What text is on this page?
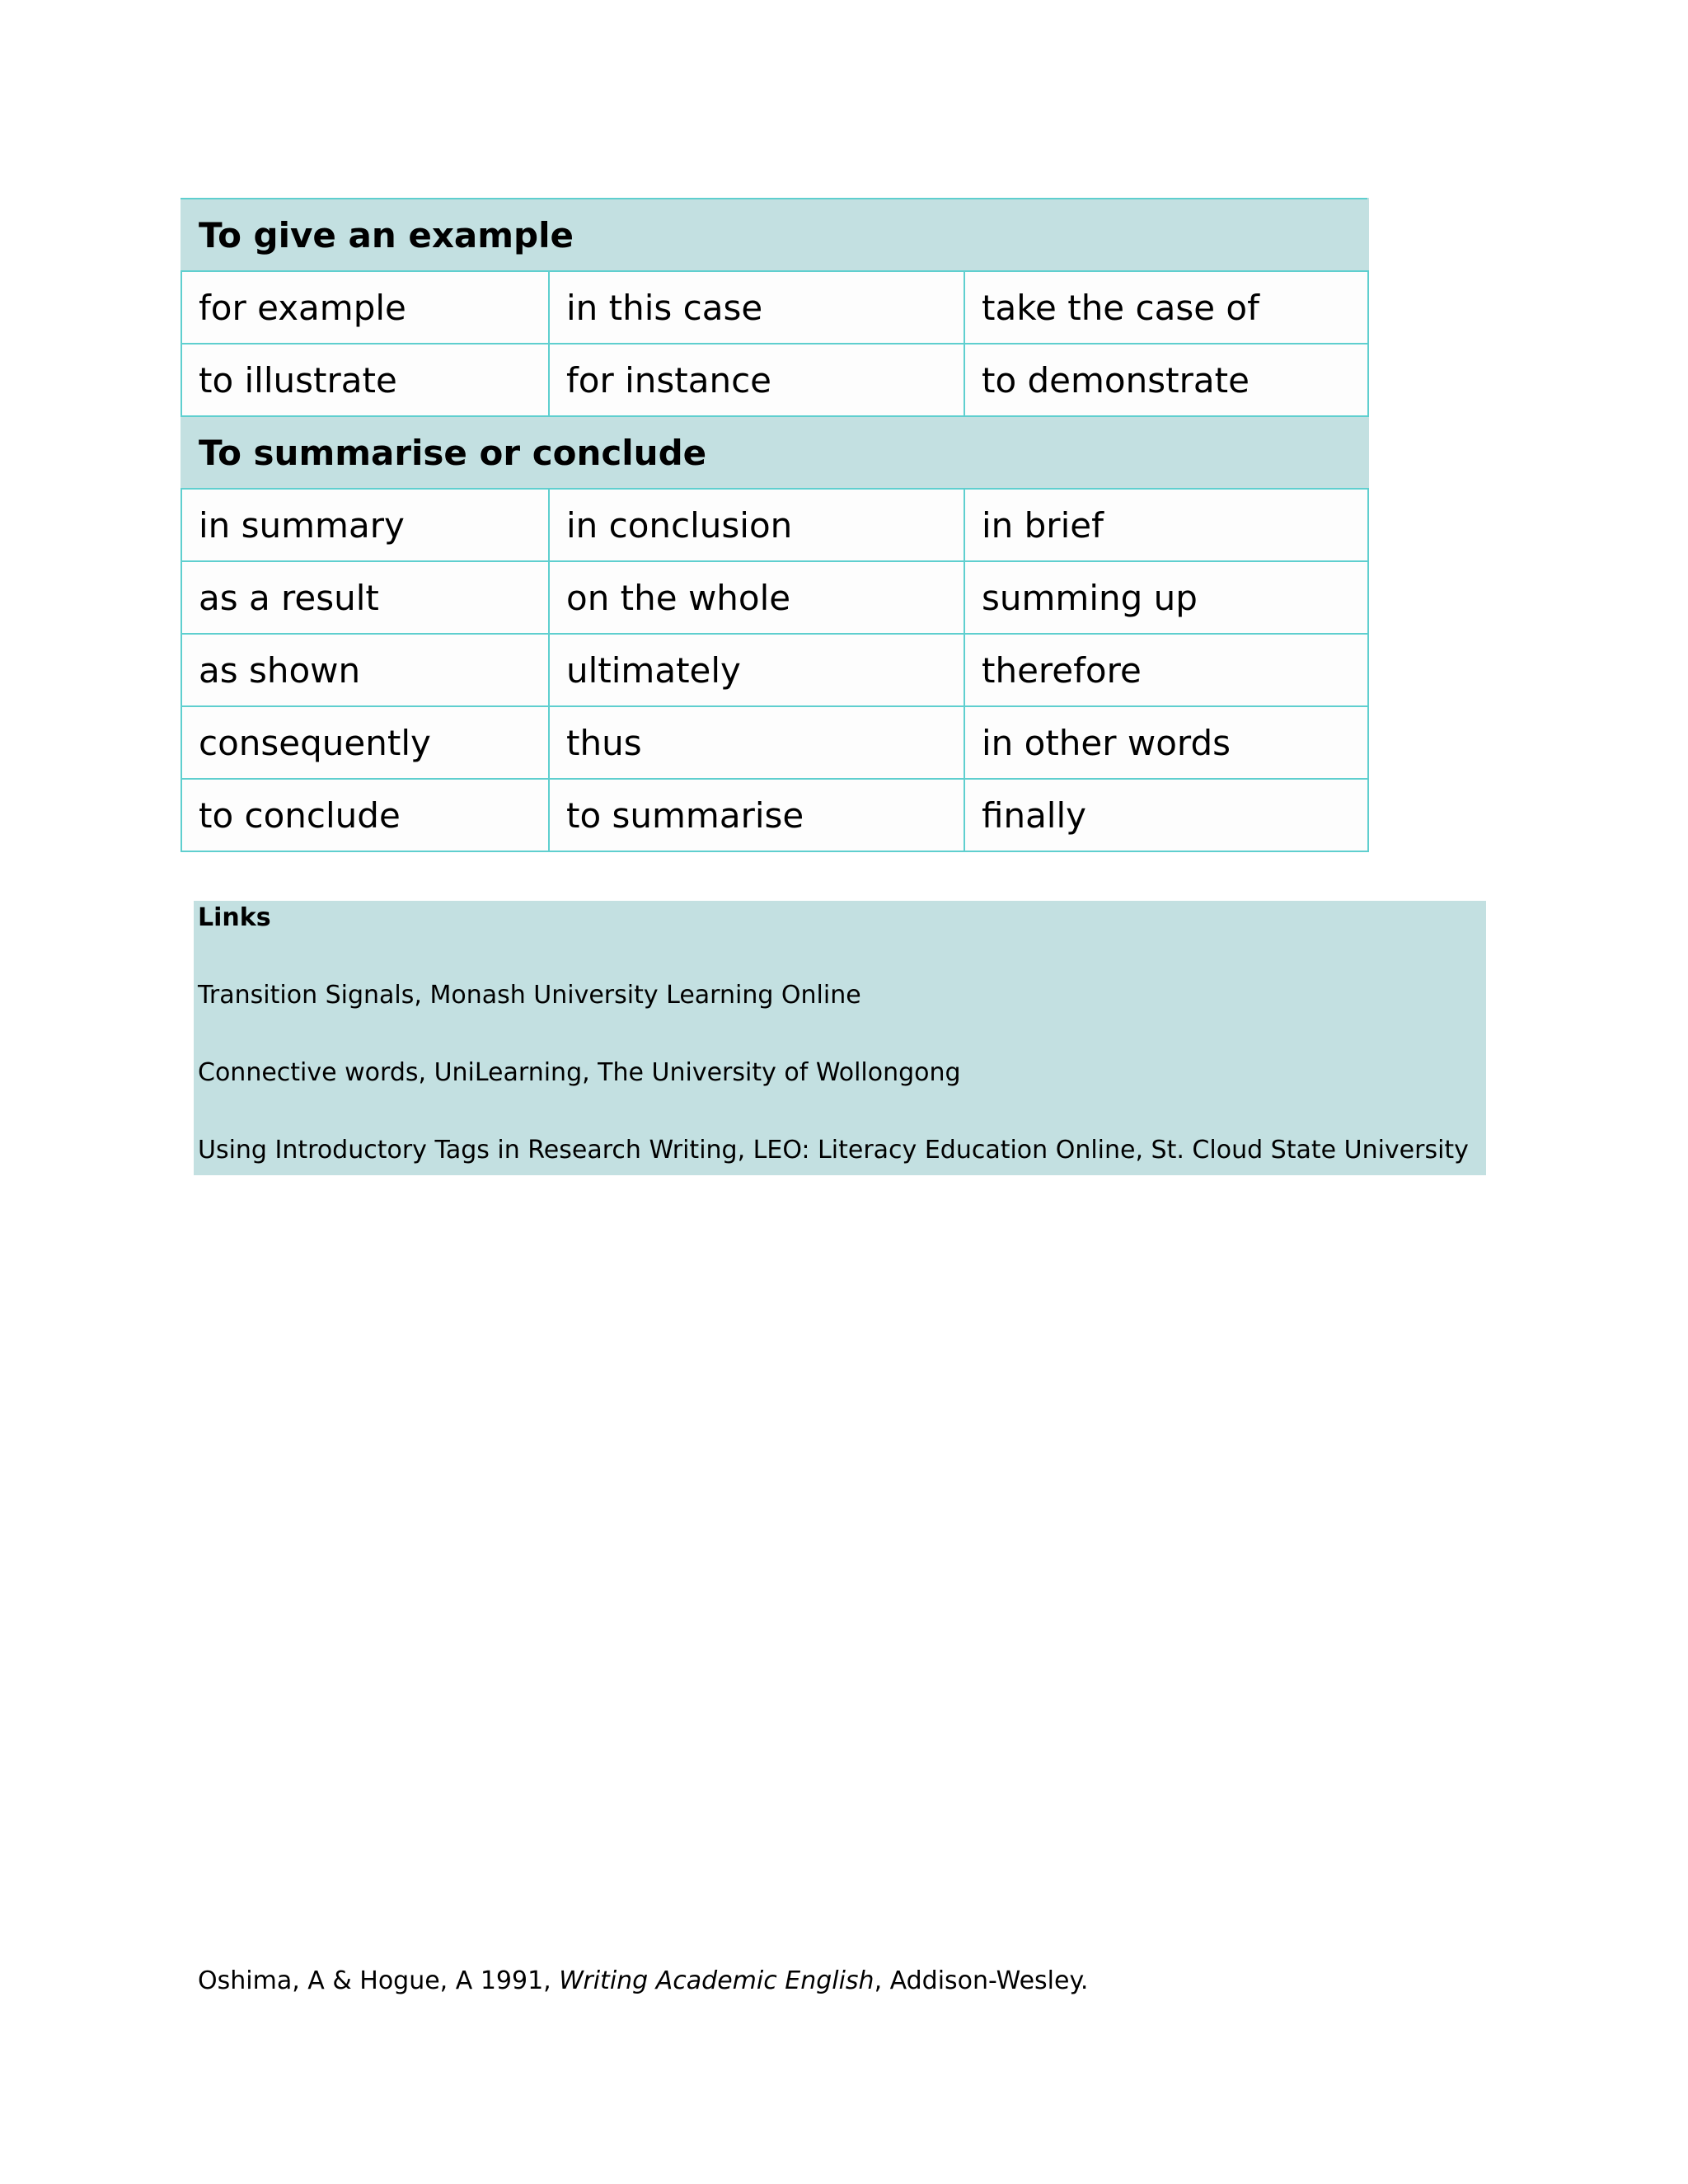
To give an example		
for example	in this case	take the case of
to illustrate	for instance	to demonstrate
To summarise or conclude		
in summary	in conclusion	in brief
as a result	on the whole	summing up
as shown	ultimately	therefore
consequently	thus	in other words
to conclude	to summarise	finally
Links
Transition Signals, Monash University Learning Online
Connective words, UniLearning, The University of Wollongong
Using Introductory Tags in Research Writing, LEO: Literacy Education Online, St. Cloud State University
Oshima, A & Hogue, A 1991, Writing Academic English, Addison-Wesley.
